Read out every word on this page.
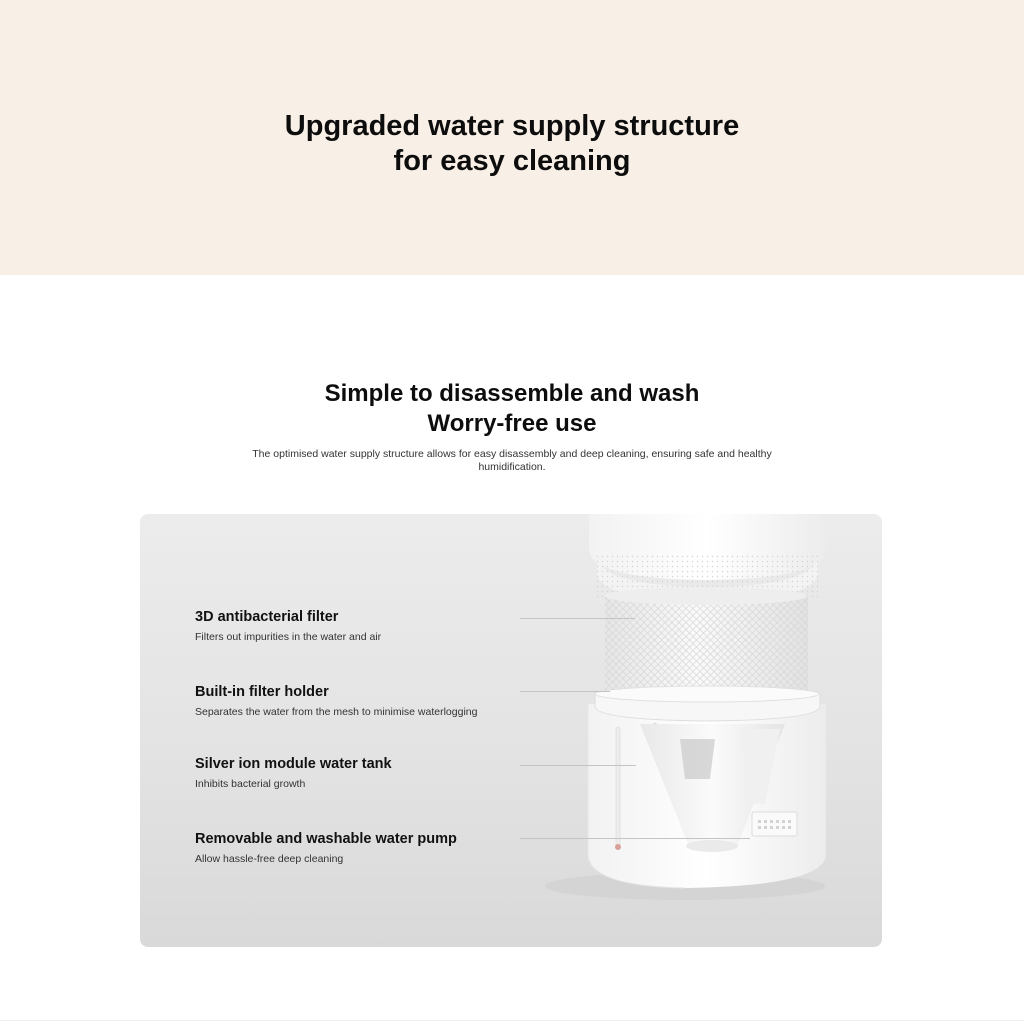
Upgraded water supply structure
for easy cleaning
Simple to disassemble and wash
Worry-free use

The optimised water supply structure allows for easy disassembly and deep cleaning, ensuring safe and healthy humidification.

3D antibacterial filter

Filters out impurities in the water and air

Built-in filter holder

Separates the water from the mesh to minimise waterlogging

Silver ion module water tank

Inhibits bacterial growth

Removable and washable water pump

Allow hassle-free deep cleaning
